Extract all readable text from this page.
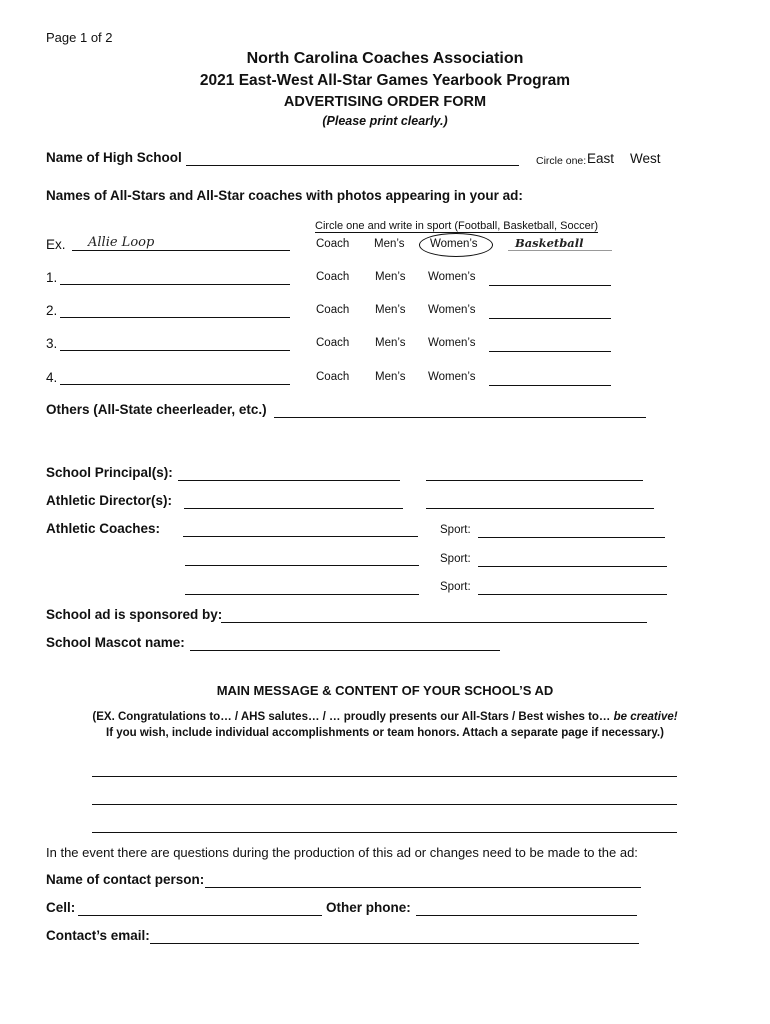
Page 1 of 2
North Carolina Coaches Association
2021 East-West All-Star Games Yearbook Program
ADVERTISING ORDER FORM
(Please print clearly.)
Name of High School	Circle one: East West
Names of All-Stars and All-Star coaches with photos appearing in your ad:
Circle one and write in sport (Football, Basketball, Soccer)
Ex. Allie Loop	Coach Men’s Women’s	Basketball
1.	Coach Men’s Women’s
2.	Coach Men’s Women’s
3.	Coach Men’s Women’s
4.	Coach Men’s Women’s
Others (All-State cheerleader, etc.)
School Principal(s):
Athletic Director(s):
Athletic Coaches:	Sport:
Sport:
Sport:
School ad is sponsored by:
School Mascot name:
MAIN MESSAGE & CONTENT OF YOUR SCHOOL’S AD
(EX. Congratulations to… / AHS salutes… / … proudly presents our All-Stars / Best wishes to… be creative!
If you wish, include individual accomplishments or team honors. Attach a separate page if necessary.)
In the event there are questions during the production of this ad or changes need to be made to the ad:
Name of contact person:
Cell:	Other phone:
Contact’s email:
